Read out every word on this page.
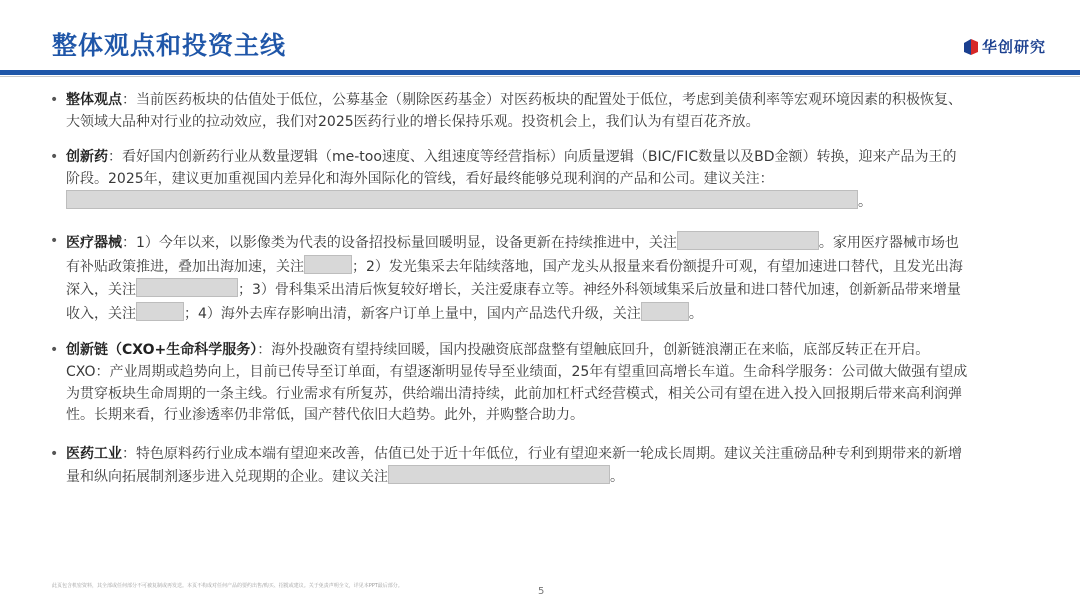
整体观点和投资主线	华创研究
• 整体观点：当前医药板块的估值处于低位，公募基金（剔除医药基金）对医药板块的配置处于低位，考虑到美债利率等宏观环境因素的积极恢复、大领域大品种对行业的拉动效应，我们对2025医药行业的增长保持乐观。投资机会上，我们认为有望百花齐放。
• 创新药：看好国内创新药行业从数量逻辑（me-too速度、入组速度等经营指标）向质量逻辑（BIC/FIC数量以及BD金额）转换，迎来产品为王的阶段。2025年，建议更加重视国内差异化和海外国际化的管线，看好最终能够兑现利润的产品和公司。建议关注：。
• 医疗器械：1）今年以来，以影像类为代表的设备招投标量回暖明显，设备更新在持续推进中，关注	。家用医疗器械市场也有补贴政策推进，叠加出海加速，关注	；2）发光集采去年陆续落地，国产龙头从报量来看份额提升可观，有望加速进口替代，且发光出海深入，关注	；3）骨科集采出清后恢复较好增长，关注爱康春立等。神经外科领域集采后放量和进口替代加速，创新新品带来增量收入，关注	；4）海外去库存影响出清，新客户订单上量中，国内产品迭代升级，关注	。
• 创新链（CXO+生命科学服务）：海外投融资有望持续回暖，国内投融资底部盘整有望触底回升，创新链浪潮正在来临，底部反转正在开启。CXO：产业周期或趋势向上，目前已传导至订单面，有望逐渐明显传导至业绩面，25年有望重回高增长车道。生命科学服务：公司做大做强有望成为贯穿板块生命周期的一条主线。行业需求有所复苏，供给端出清持续，此前加杠杆式经营模式，相关公司有望在进入投入回报期后带来高利润弹性。长期来看，行业渗透率仍非常低，国产替代依旧大趋势。此外，并购整合助力。
• 医药工业：特色原料药行业成本端有望迎来改善，估值已处于近十年低位，行业有望迎来新一轮成长周期。建议关注重磅品种专利到期带来的新增量和纵向拓展制剂逐步进入兑现期的企业。建议关注	。
此页包含机密资料，其全部或任何部分不可被复制或再发送。本页不构成对任何产品的要约出售/购买、招揽或建议。关于免责声明全文，详见本PPT最后部分。	5
